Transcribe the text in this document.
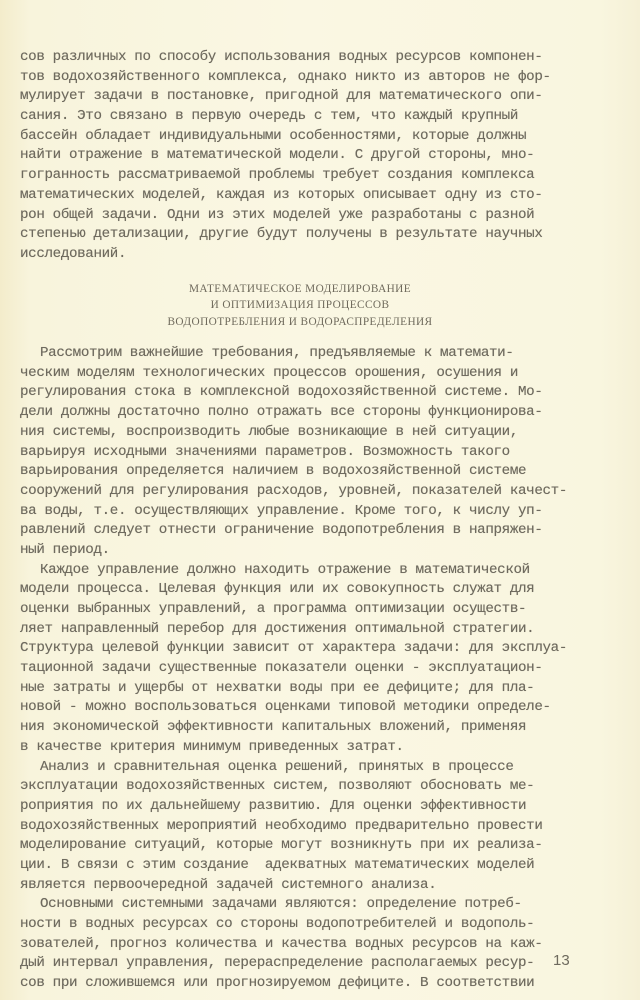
сов различных по способу использования водных ресурсов компонен-
тов водохозяйственного комплекса, однако никто из авторов не фор-
мулирует задачи в постановке, пригодной для математического опи-
сания. Это связано в первую очередь с тем, что каждый крупный
бассейн обладает индивидуальными особенностями, которые должны
найти отражение в математической модели. С другой стороны, мно-
гогранность рассматриваемой проблемы требует создания комплекса
математических моделей, каждая из которых описывает одну из сто-
рон общей задачи. Одни из этих моделей уже разработаны с разной
степенью детализации, другие будут получены в результате научных
исследований.
МАТЕМАТИЧЕСКОЕ МОДЕЛИРОВАНИЕ
И ОПТИМИЗАЦИЯ ПРОЦЕССОВ
ВОДОПОТРЕБЛЕНИЯ И ВОДОРАСПРЕДЕЛЕНИЯ
Рассмотрим важнейшие требования, предъявляемые к математи-
ческим моделям технологических процессов орошения, осушения и
регулирования стока в комплексной водохозяйственной системе. Мо-
дели должны достаточно полно отражать все стороны функционирова-
ния системы, воспроизводить любые возникающие в ней ситуации,
варьируя исходными значениями параметров. Возможность такого
варьирования определяется наличием в водохозяйственной системе
сооружений для регулирования расходов, уровней, показателей качест-
ва воды, т.е. осуществляющих управление. Кроме того, к числу уп-
равлений следует отнести ограничение водопотребления в напряжен-
ный период.
Каждое управление должно находить отражение в математической
модели процесса. Целевая функция или их совокупность служат для
оценки выбранных управлений, а программа оптимизации осуществ-
ляет направленный перебор для достижения оптимальной стратегии.
Структура целевой функции зависит от характера задачи: для эксплуа-
тационной задачи существенные показатели оценки - эксплуатацион-
ные затраты и ущербы от нехватки воды при ее дефиците; для пла-
новой - можно воспользоваться оценками типовой методики определе-
ния экономической эффективности капитальных вложений, применяя
в качестве критерия минимум приведенных затрат.
Анализ и сравнительная оценка решений, принятых в процессе
эксплуатации водохозяйственных систем, позволяют обосновать ме-
роприятия по их дальнейшему развитию. Для оценки эффективности
водохозяйственных мероприятий необходимо предварительно провести
моделирование ситуаций, которые могут возникнуть при их реализа-
ции. В связи с этим создание  адекватных математических моделей
является первоочередной задачей системного анализа.
Основными системными задачами являются: определение потреб-
ности в водных ресурсах со стороны водопотребителей и водополь-
зователей, прогноз количества и качества водных ресурсов на каж-
дый интервал управления, перераспределение располагаемых ресур-
сов при сложившемся или прогнозируемом дефиците. В соответствии
13
